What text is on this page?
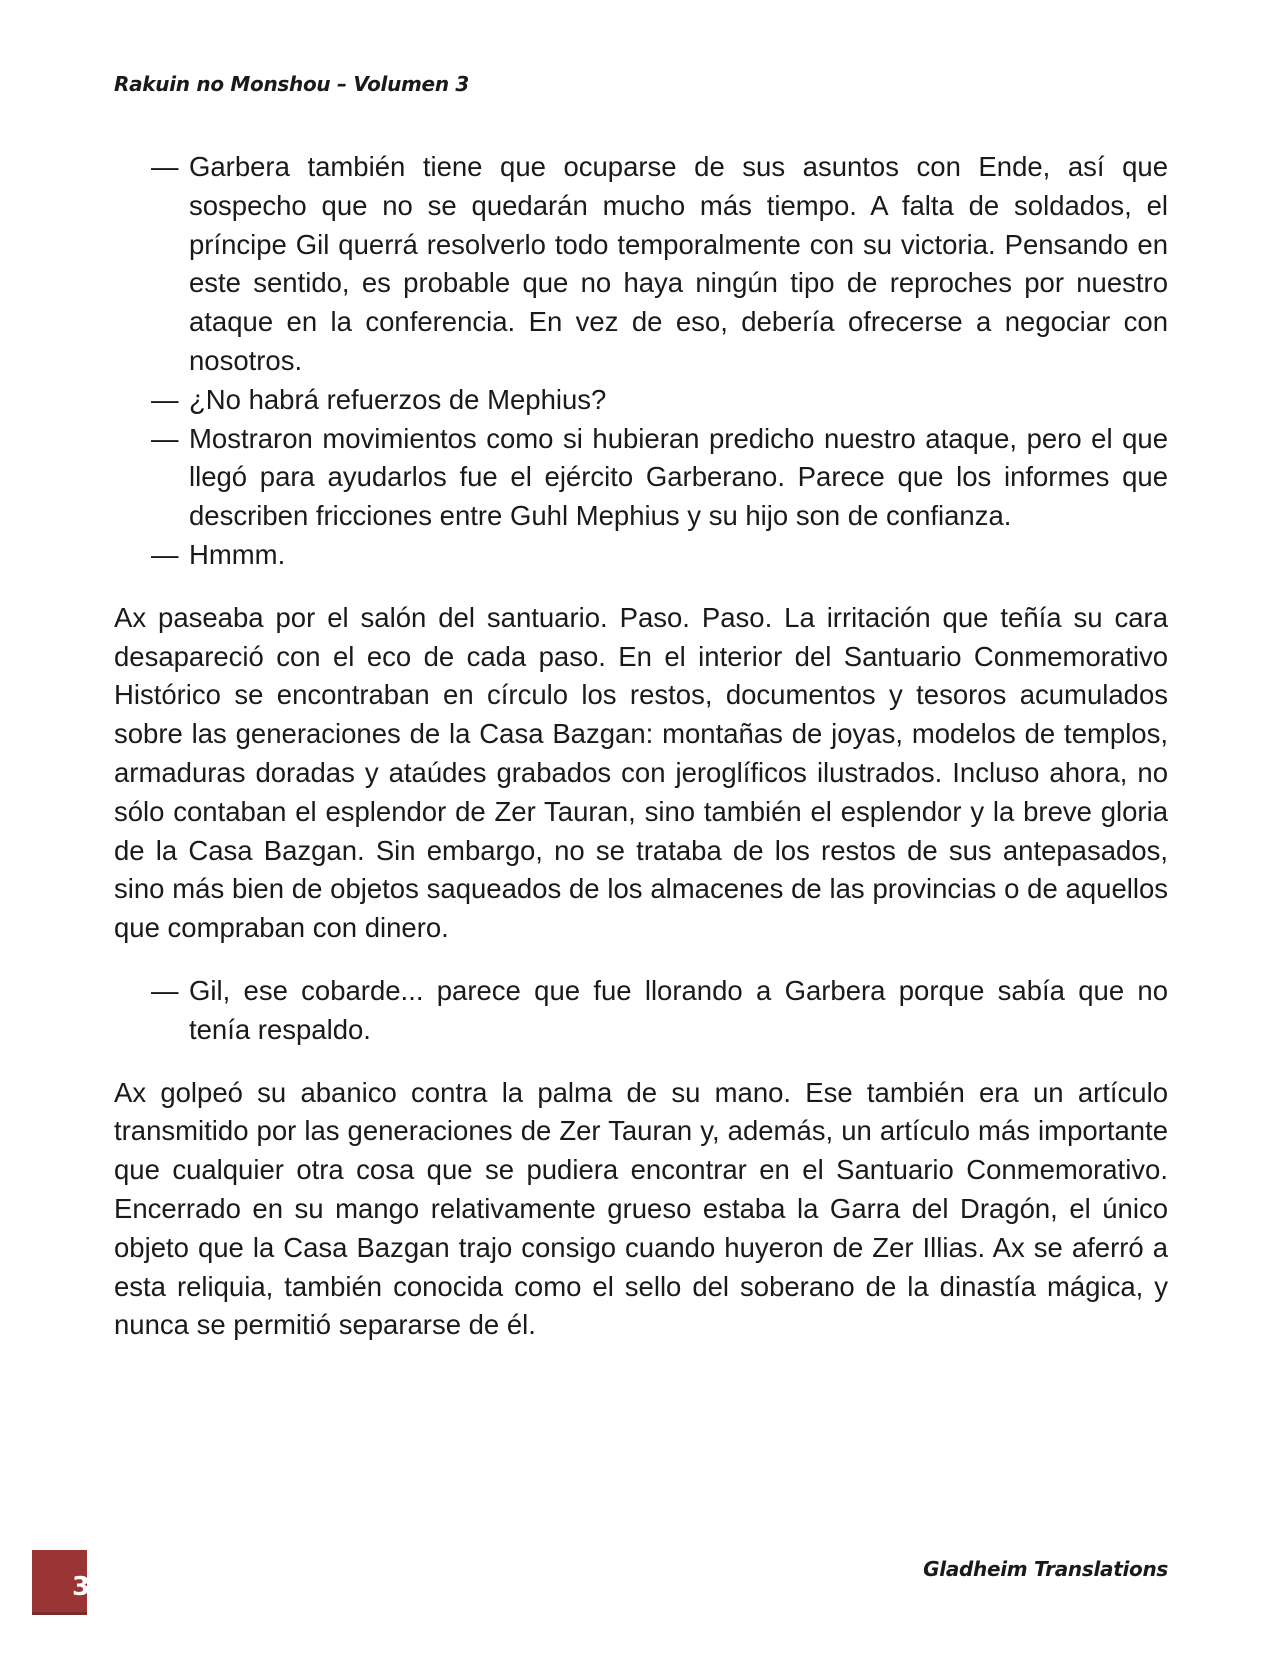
Rakuin no Monshou – Volumen 3
— Garbera también tiene que ocuparse de sus asuntos con Ende, así que sospecho que no se quedarán mucho más tiempo. A falta de soldados, el príncipe Gil querrá resolverlo todo temporalmente con su victoria. Pensando en este sentido, es probable que no haya ningún tipo de reproches por nuestro ataque en la conferencia. En vez de eso, debería ofrecerse a negociar con nosotros.
— ¿No habrá refuerzos de Mephius?
— Mostraron movimientos como si hubieran predicho nuestro ataque, pero el que llegó para ayudarlos fue el ejército Garberano. Parece que los informes que describen fricciones entre Guhl Mephius y su hijo son de confianza.
— Hmmm.
Ax paseaba por el salón del santuario. Paso. Paso. La irritación que teñía su cara desapareció con el eco de cada paso. En el interior del Santuario Conmemorativo Histórico se encontraban en círculo los restos, documentos y tesoros acumulados sobre las generaciones de la Casa Bazgan: montañas de joyas, modelos de templos, armaduras doradas y ataúdes grabados con jeroglíficos ilustrados. Incluso ahora, no sólo contaban el esplendor de Zer Tauran, sino también el esplendor y la breve gloria de la Casa Bazgan. Sin embargo, no se trataba de los restos de sus antepasados, sino más bien de objetos saqueados de los almacenes de las provincias o de aquellos que compraban con dinero.
— Gil, ese cobarde... parece que fue llorando a Garbera porque sabía que no tenía respaldo.
Ax golpeó su abanico contra la palma de su mano. Ese también era un artículo transmitido por las generaciones de Zer Tauran y, además, un artículo más importante que cualquier otra cosa que se pudiera encontrar en el Santuario Conmemorativo. Encerrado en su mango relativamente grueso estaba la Garra del Dragón, el único objeto que la Casa Bazgan trajo consigo cuando huyeron de Zer Illias. Ax se aferró a esta reliquia, también conocida como el sello del soberano de la dinastía mágica, y nunca se permitió separarse de él.
3
Gladheim Translations
